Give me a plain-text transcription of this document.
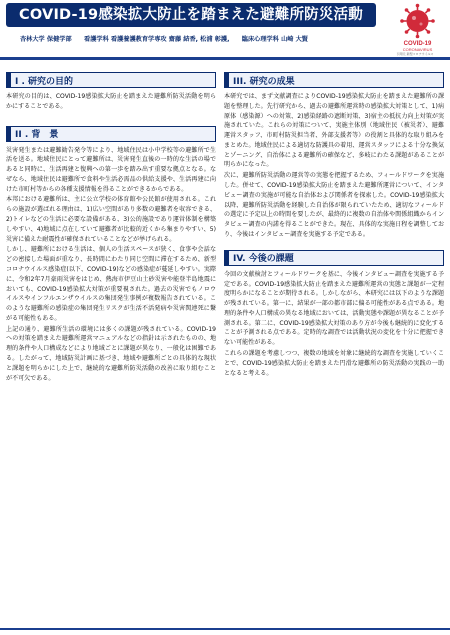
COVID-19感染拡大防止を踏まえた避難所防災活動
杏林大学 保健学部　　看護学科 看護養護教育学専攻 齋藤 結香, 松浦 彰護,　　臨床心理学科 山崎 大賢
COVID-19
CORONAVIRUS
引用元 新型コロナウイルス
I . 研究の目的

本研究の目的は、COVID-19感染拡大防止を踏まえた避難所防災活動を明らかにすることである。

II . 背　景

災害発生または避難勧告発令等により、地域住民は小中学校等の避難所で生活を送る。地域住民にとって避難所は、災害発生直後の一時的な生活の場であると同時に、生活再建と復興への第一歩を踏み出す重要な拠点となる。なぜなら、地域住民は避難所で食料や生活必需品の供給支援や、生活再建に向けた市町村等からの各種支援情報を得ることができるからである。

本邦における避難所は、主に公立学校の体育館や公民館が使用される。これらの施設が選ばれる理由は、1)広い空間があり多数の避難者を収容できる、2)トイレなどの生活に必要な設備がある、3)公的施設であり運営体制を構築しやすい、4)地域に点在していて避難者が比較的近くから集まりやすい、5)災害に備えた耐震性が確保されていることなどが挙げられる。

しかし、避難所における生活は、個人の生活スペースが狭く、食事や会話などの密接した場面が重なり、長時間にわたり同じ空間に滞在するため、新型コロナウイルス感染症(以下、COVID-19)などの感染症が蔓延しやすい。実際に、令和2年7月豪雨災害をはじめ、熱海市伊豆山土砂災害や能登半島地震においても、COVID-19感染拡大対策が重要視された。過去の災害でもノロウイルスやインフルエンザウイルスの集団発生事例が複数報告されている。このような避難所の感染症の集団発生リスクが生活不活発病や災害関連死に繋がる可能性もある。

上記の通り、避難所生活の環境には多くの課題が残されている。COVID-19への対策を踏まえた避難所運営マニュアルなどの指針は示されたものの、地理的条件や人口構成などにより地域ごとに課題が異なり、一般化は困難である。したがって、地域防災計画に基づき、地域や避難所ごとの具体的な現状と課題を明らかにした上で、継続的な避難所防災活動の改善に取り組むことが不可欠である。

III. 研究の成果

本研究では、まず文献調査によりCOVID-19感染拡大防止を踏まえた避難所の課題を整理した。先行研究から、過去の避難所運営時の感染拡大対策として、1)病原体（感染源）への対策、2)感染経路の遮断対策、3)宿主の抵抗力向上対策が実施されていた。これらの対策について、実施主体別（地域住民（被災者）、避難運営スタッフ、市町村防災担当者、外部支援者等）の役割と具体的な取り組みをまとめた。地域住民による適切な防護具の着用、運営スタッフによる十分な換気とゾーニング、自治体による避難所の確保など、多岐にわたる課題があることが明らかになった。

次に、避難所防災活動の運営等の実態を把握するため、フィールドワークを実施した。併せて、COVID-19感染拡大防止を踏まえた避難所運営について、インタビュー調査の実施が可能な自治体および関係者を探索した。COVID-19感染拡大以降、避難所防災活動を経験した自治体が限られていたため、適切なフィールドの選定に予定以上の時間を要したが、最終的に複数の自治体や関係組織からインタビュー調査の内諾を得ることができた。現在、具体的な実施日程を調整しており、今後はインタビュー調査を実施する予定である。

IV. 今後の課題

今回の文献検討とフィールドワークを基に、今後インタビュー調査を実施する予定である。COVID-19感染拡大防止を踏まえた避難所運営の実態と課題が一定程度明らかになることが期待される。しかしながら、本研究には以下のような課題が残されている。第一に、結果が一部の都市部に偏る可能性がある点である。地理的条件や人口構成の異なる地域においては、活動実態や課題が異なることが予測される。第二に、COVID-19感染拡大対策のあり方が今後も継続的に変化することが予測される点である。定時的な調査では活動状況の変化を十分に把握できない可能性がある。

これらの課題を考慮しつつ、複数の地域を対象に継続的な調査を実施していくことで、COVID-19感染拡大防止を踏まえた円滑な避難所の防災活動の実践の一助となると考える。
